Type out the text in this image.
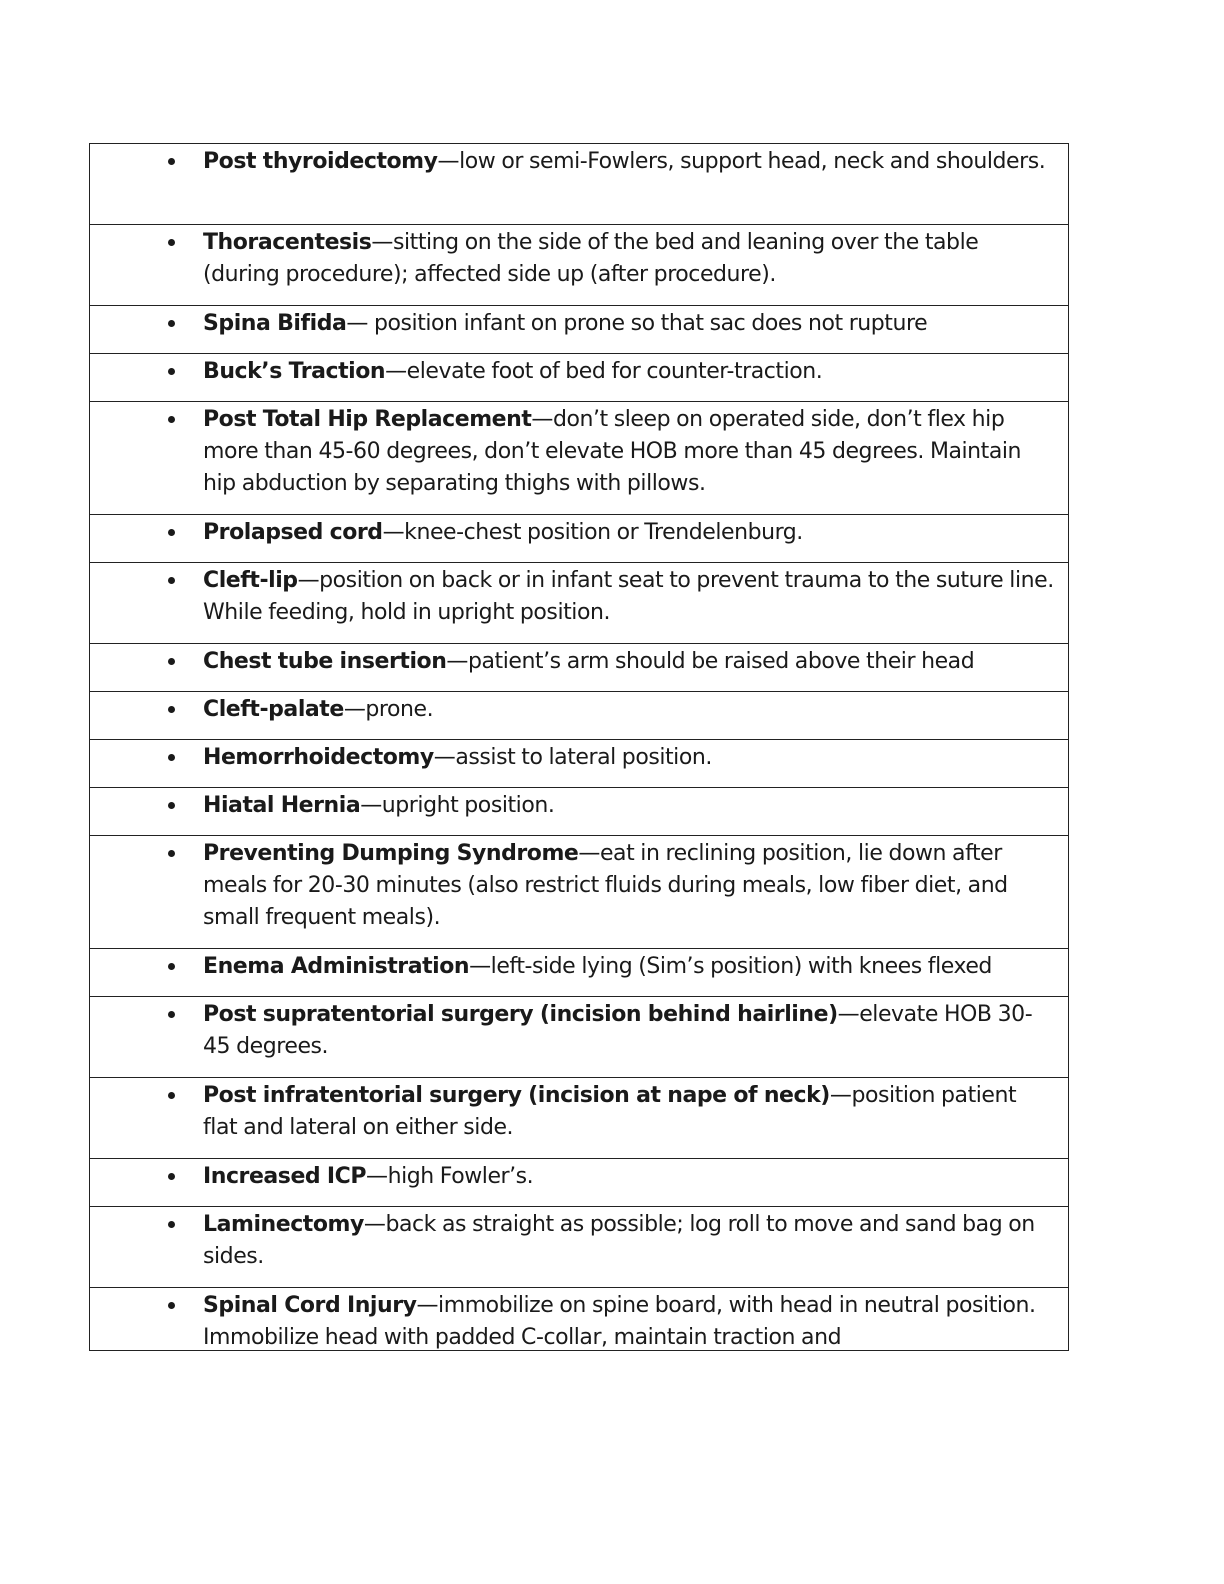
Post thyroidectomy—low or semi-Fowlers, support head, neck and shoulders.
Thoracentesis—sitting on the side of the bed and leaning over the table (during procedure); affected side up (after procedure).
Spina Bifida— position infant on prone so that sac does not rupture
Buck’s Traction—elevate foot of bed for counter-traction.
Post Total Hip Replacement—don’t sleep on operated side, don’t flex hip more than 45-60 degrees, don’t elevate HOB more than 45 degrees. Maintain hip abduction by separating thighs with pillows.
Prolapsed cord—knee-chest position or Trendelenburg.
Cleft-lip—position on back or in infant seat to prevent trauma to the suture line. While feeding, hold in upright position.
Chest tube insertion—patient’s arm should be raised above their head
Cleft-palate—prone.
Hemorrhoidectomy—assist to lateral position.
Hiatal Hernia—upright position.
Preventing Dumping Syndrome—eat in reclining position, lie down after meals for 20-30 minutes (also restrict fluids during meals, low fiber diet, and small frequent meals).
Enema Administration—left-side lying (Sim’s position) with knees flexed
Post supratentorial surgery (incision behind hairline)—elevate HOB 30-45 degrees.
Post infratentorial surgery (incision at nape of neck)—position patient flat and lateral on either side.
Increased ICP—high Fowler’s.
Laminectomy—back as straight as possible; log roll to move and sand bag on sides.
Spinal Cord Injury—immobilize on spine board, with head in neutral position. Immobilize head with padded C-collar, maintain traction and
